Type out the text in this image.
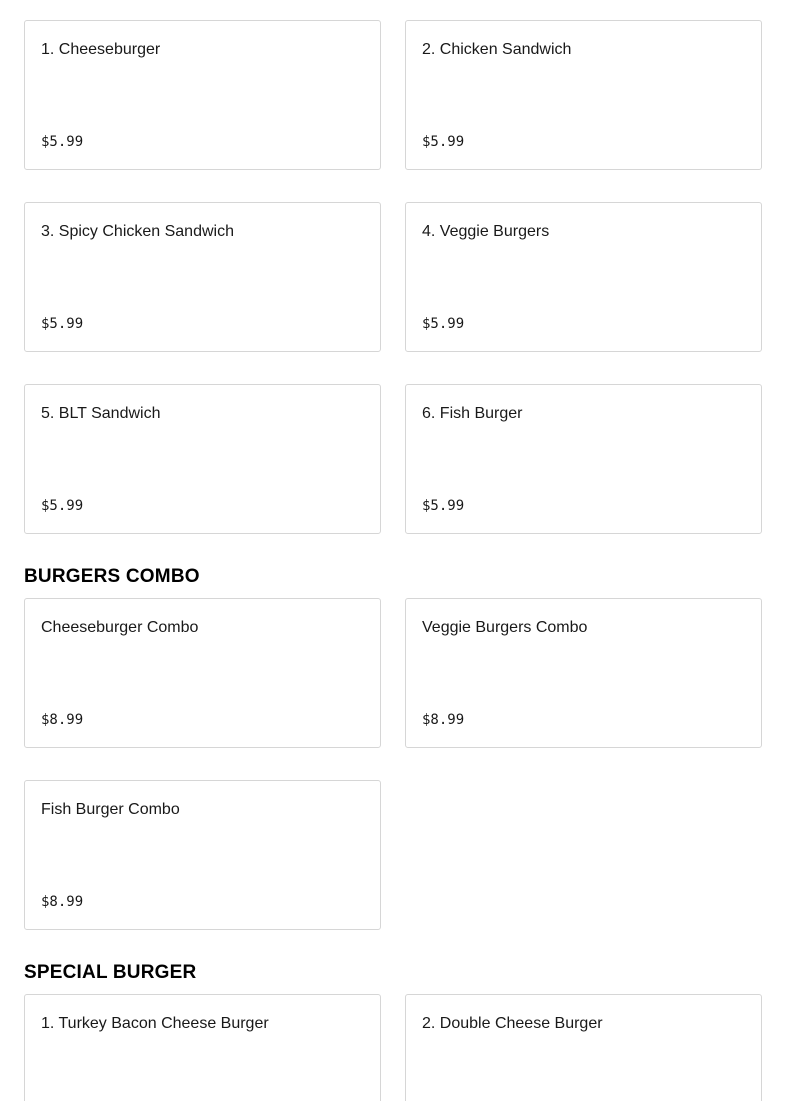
1. Cheeseburger
$5.99
2. Chicken Sandwich
$5.99
3. Spicy Chicken Sandwich
$5.99
4. Veggie Burgers
$5.99
5. BLT Sandwich
$5.99
6. Fish Burger
$5.99
BURGERS COMBO
Cheeseburger Combo
$8.99
Veggie Burgers Combo
$8.99
Fish Burger Combo
$8.99
SPECIAL BURGER
1. Turkey Bacon Cheese Burger	2. Double Cheese Burger
